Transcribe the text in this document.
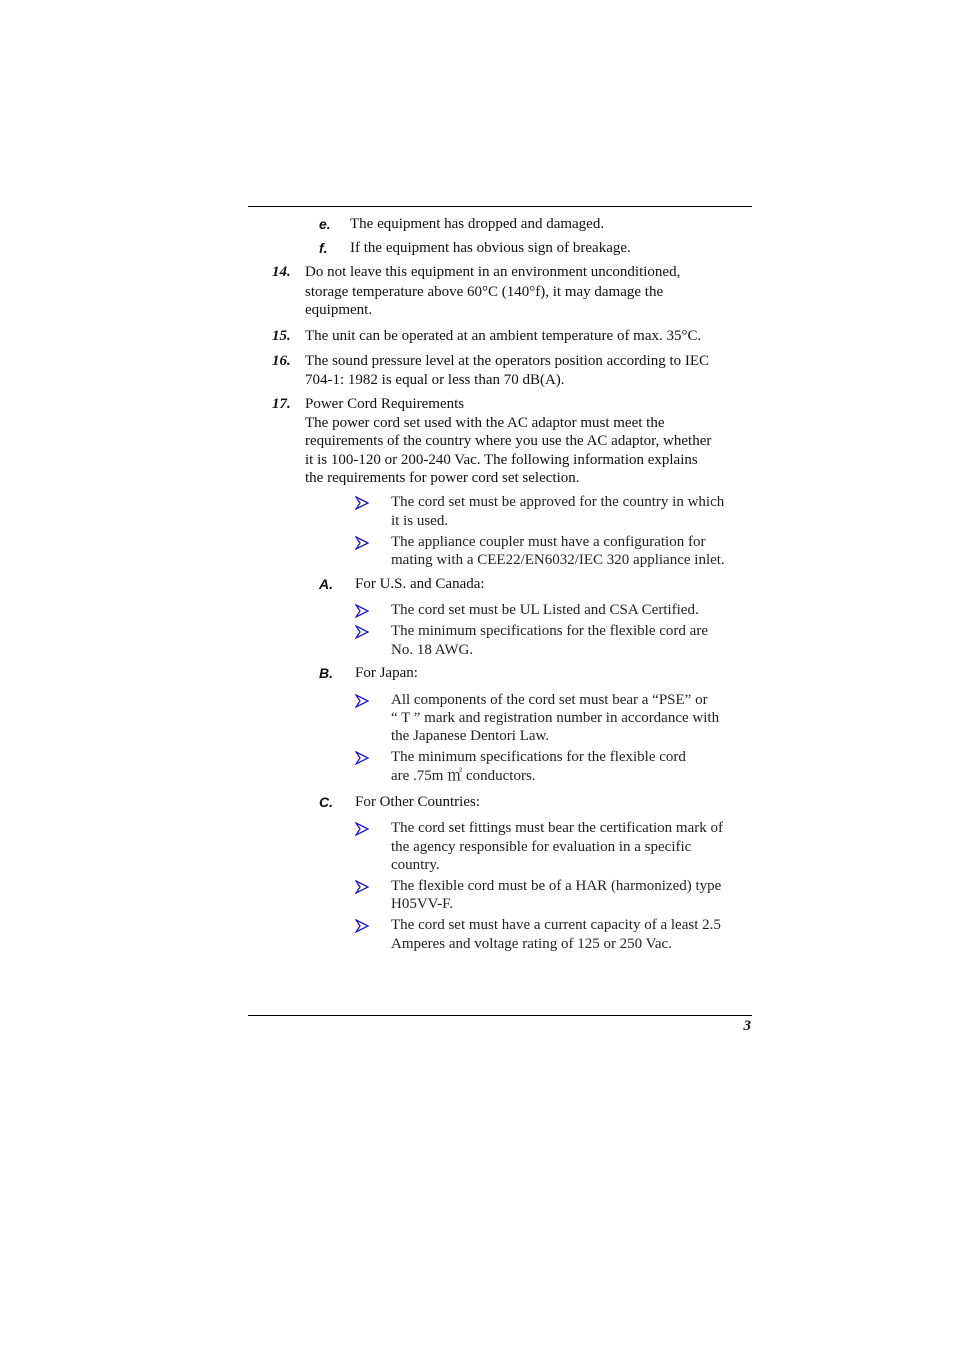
e. The equipment has dropped and damaged.
f. If the equipment has obvious sign of breakage.
14. Do not leave this equipment in an environment unconditioned,
storage temperature above 60°C (140°f), it may damage the
equipment.
15. The unit can be operated at an ambient temperature of max. 35°C.
16. The sound pressure level at the operators position according to IEC
704-1: 1982 is equal or less than 70 dB(A).
17. Power Cord Requirements
The power cord set used with the AC adaptor must meet the
requirements of the country where you use the AC adaptor, whether
it is 100-120 or 200-240 Vac. The following information explains
the requirements for power cord set selection.
The cord set must be approved for the country in which
it is used.
The appliance coupler must have a configuration for
mating with a CEE22/EN6032/IEC 320 appliance inlet.
A. For U.S. and Canada:
The cord set must be UL Listed and CSA Certified.
The minimum specifications for the flexible cord are
No. 18 AWG.
B. For Japan:
All components of the cord set must bear a “PSE” or
“ T ” mark and registration number in accordance with
the Japanese Dentori Law.
The minimum specifications for the flexible cord
are .75m ㎡ conductors.
C. For Other Countries:
The cord set fittings must bear the certification mark of
the agency responsible for evaluation in a specific
country.
The flexible cord must be of a HAR (harmonized) type
H05VV-F.
The cord set must have a current capacity of a least 2.5
Amperes and voltage rating of 125 or 250 Vac.
3
